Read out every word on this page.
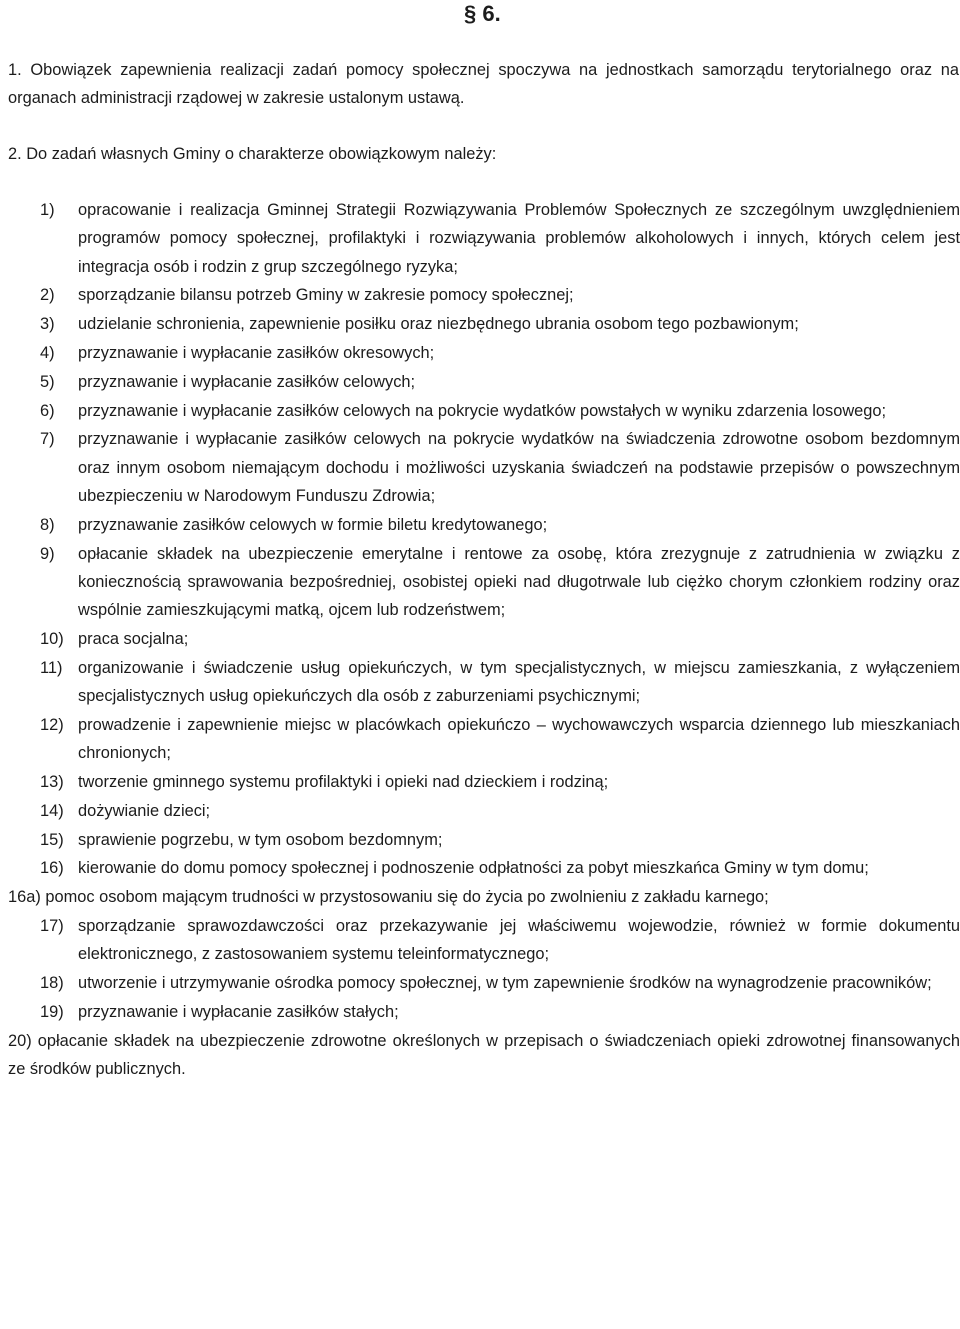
§ 6.

1. Obowiązek zapewnienia realizacji zadań pomocy społecznej spoczywa na jednostkach samorządu terytorialnego oraz na organach administracji rządowej w zakresie ustalonym ustawą.

2. Do zadań własnych Gminy o charakterze obowiązkowym należy:

1)	opracowanie i realizacja Gminnej Strategii Rozwiązywania Problemów Społecznych ze szczególnym uwzględnieniem programów pomocy społecznej, profilaktyki i rozwiązywania problemów alkoholowych i innych, których celem jest integracja osób i rodzin z grup szczególnego ryzyka;
2)	sporządzanie bilansu potrzeb Gminy w zakresie pomocy społecznej;
3)	udzielanie schronienia, zapewnienie posiłku oraz niezbędnego ubrania osobom tego pozbawionym;
4)	przyznawanie i wypłacanie zasiłków okresowych;
5)	przyznawanie i wypłacanie zasiłków celowych;
6)	przyznawanie i wypłacanie zasiłków celowych na pokrycie wydatków powstałych w wyniku zdarzenia losowego;
7)	przyznawanie i wypłacanie zasiłków celowych na pokrycie wydatków na świadczenia zdrowotne osobom bezdomnym oraz innym osobom niemającym dochodu i możliwości uzyskania świadczeń na podstawie przepisów o powszechnym ubezpieczeniu w Narodowym Funduszu Zdrowia;
8)	przyznawanie zasiłków celowych w formie biletu kredytowanego;
9)	opłacanie składek na ubezpieczenie emerytalne i rentowe za osobę, która zrezygnuje z zatrudnienia w związku z koniecznością sprawowania bezpośredniej, osobistej opieki nad długotrwale lub ciężko chorym członkiem rodziny oraz wspólnie zamieszkującymi matką, ojcem lub rodzeństwem;
10) praca socjalna;
11) organizowanie i świadczenie usług opiekuńczych, w tym specjalistycznych, w miejscu zamieszkania, z wyłączeniem specjalistycznych usług opiekuńczych dla osób z zaburzeniami psychicznymi;
12) prowadzenie i zapewnienie miejsc w placówkach opiekuńczo – wychowawczych wsparcia dziennego lub mieszkaniach chronionych;
13) tworzenie gminnego systemu profilaktyki i opieki nad dzieckiem i rodziną;
14) dożywianie dzieci;
15) sprawienie pogrzebu, w tym osobom bezdomnym;
16) kierowanie do domu pomocy społecznej i podnoszenie odpłatności za pobyt mieszkańca Gminy w tym domu;
16a) pomoc osobom mającym trudności w przystosowaniu się do życia po zwolnieniu z zakładu karnego;
17) sporządzanie sprawozdawczości oraz przekazywanie jej właściwemu wojewodzie, również w formie dokumentu elektronicznego, z zastosowaniem systemu teleinformatycznego;
18) utworzenie i utrzymywanie ośrodka pomocy społecznej, w tym zapewnienie środków na wynagrodzenie pracowników;
19) przyznawanie i wypłacanie zasiłków stałych;
20) opłacanie składek na ubezpieczenie zdrowotne określonych w przepisach o świadczeniach opieki zdrowotnej finansowanych ze środków publicznych.
